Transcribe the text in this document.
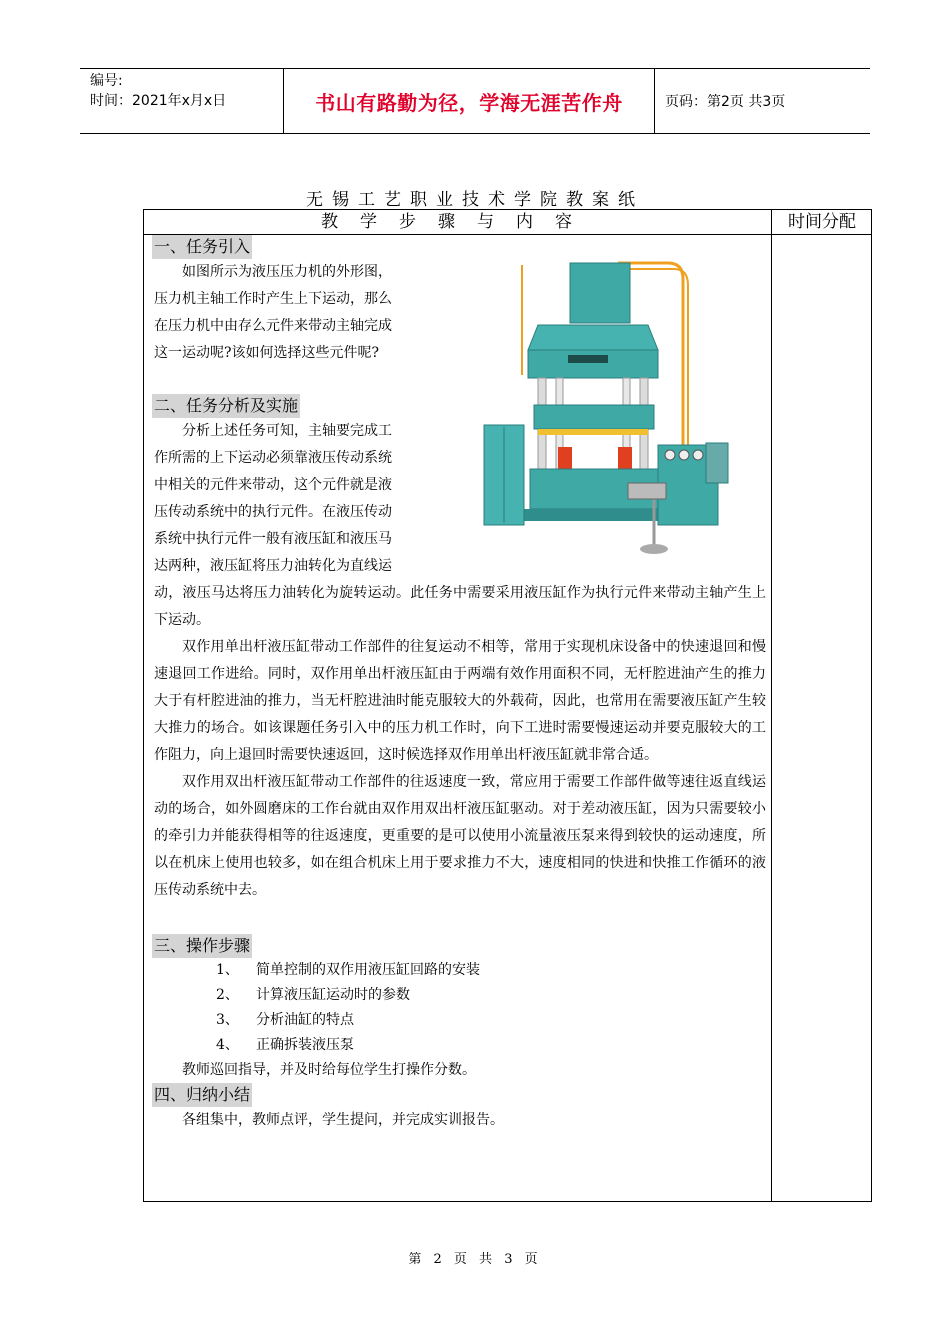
编号:
时间：2021年x月x日	书山有路勤为径，学海无涯苦作舟	页码：第2页 共3页
无锡工艺职业技术学院教案纸
教学步骤与内容	时间分配
一、任务引入

如图所示为液压压力机的外形图，

压力机主轴工作时产生上下运动，那么

在压力机中由存么元件来带动主轴完成

这一运动呢?该如何选择这些元件呢?

二、任务分析及实施

分析上述任务可知，主轴要完成工

作所需的上下运动必须靠液压传动系统

中相关的元件来带动，这个元件就是液

压传动系统中的执行元件。在液压传动

系统中执行元件一般有液压缸和液压马

达两种，液压缸将压力油转化为直线运

动，液压马达将压力油转化为旋转运动。此任务中需要采用液压缸作为执行元件来带动主轴产生上下运动。

双作用单出杆液压缸带动工作部件的往复运动不相等，常用于实现机床设备中的快速退回和慢速退回工作进给。同时，双作用单出杆液压缸由于两端有效作用面积不同，无杆腔进油产生的推力大于有杆腔进油的推力，当无杆腔进油时能克服较大的外载荷，因此，也常用在需要液压缸产生较大推力的场合。如该课题任务引入中的压力机工作时，向下工进时需要慢速运动并要克服较大的工作阻力，向上退回时需要快速返回，这时候选择双作用单出杆液压缸就非常合适。

双作用双出杆液压缸带动工作部件的往返速度一致，常应用于需要工作部件做等速往返直线运动的场合，如外圆磨床的工作台就由双作用双出杆液压缸驱动。对于差动液压缸，因为只需要较小的牵引力并能获得相等的往返速度，更重要的是可以使用小流量液压泵来得到较快的运动速度，所以在机床上使用也较多，如在组合机床上用于要求推力不大，速度相同的快进和快推工作循环的液压传动系统中去。

三、操作步骤
1、 简单控制的双作用液压缸回路的安装
2、 计算液压缸运动时的参数
3、 分析油缸的特点
4、 正确拆装液压泵

教师巡回指导，并及时给每位学生打操作分数。

四、归纳小结

各组集中，教师点评，学生提问，并完成实训报告。

第 2 页 共 3 页
